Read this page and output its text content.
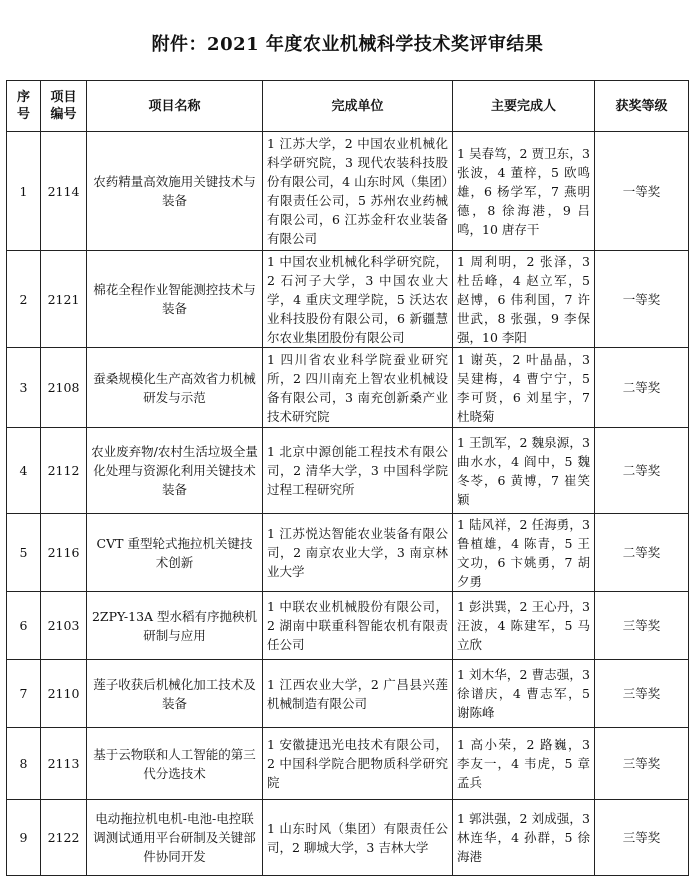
附件：2021 年度农业机械科学技术奖评审结果
序号	项目编号	项目名称	完成单位	主要完成人	获奖等级
1	2114	农药精量高效施用关键技术与装备	1 江苏大学，2 中国农业机械化科学研究院，3 现代农装科技股份有限公司，4 山东时风（集团）有限责任公司，5 苏州农业药械有限公司，6 江苏金秆农业装备有限公司	1 吴春笃，2 贾卫东，3 张波，4 董梓，5 欧鸣雄，6 杨学军，7 燕明德，8 徐海港，9 吕鸣，10 唐存干	一等奖
2	2121	棉花全程作业智能测控技术与装备	1 中国农业机械化科学研究院，2 石河子大学，3 中国农业大学，4 重庆文理学院，5 沃达农业科技股份有限公司，6 新疆慧尔农业集团股份有限公司	1 周利明，2 张泽，3 杜岳峰，4 赵立军，5 赵博，6 伟利国，7 许世武，8 张强，9 李保强，10 李阳	一等奖
3	2108	蚕桑规模化生产高效省力机械研发与示范	1 四川省农业科学院蚕业研究所，2 四川南充上智农业机械设备有限公司，3 南充创新桑产业技术研究院	1 谢英，2 叶晶晶，3 吴建梅，4 曹宁宁，5 李可贤，6 刘星宇，7 杜晓菊	二等奖
4	2112	农业废弃物/农村生活垃圾全量化处理与资源化利用关键技术装备	1 北京中源创能工程技术有限公司，2 清华大学，3 中国科学院过程工程研究所	1 王凯军，2 魏泉源，3 曲水水，4 阎中，5 魏冬苓，6 黄博，7 崔笑颖	二等奖
5	2116	CVT 重型轮式拖拉机关键技术创新	1 江苏悦达智能农业装备有限公司，2 南京农业大学，3 南京林业大学	1 陆风祥，2 任海勇，3 鲁植雄，4 陈青，5 王文功，6 卞姚勇，7 胡夕勇	二等奖
6	2103	2ZPY-13A 型水稻有序抛秧机研制与应用	1 中联农业机械股份有限公司，2 湖南中联重科智能农机有限责任公司	1 彭洪巽，2 王心丹，3 汪波，4 陈建军，5 马立欣	三等奖
7	2110	莲子收获后机械化加工技术及装备	1 江西农业大学，2 广昌县兴莲机械制造有限公司	1 刘木华，2 曹志强，3 徐谱庆，4 曹志军，5 谢陈峰	三等奖
8	2113	基于云物联和人工智能的第三代分选技术	1 安徽捷迅光电技术有限公司，2 中国科学院合肥物质科学研究院	1 高小荣，2 路巍，3 李友一，4 韦虎，5 章孟兵	三等奖
9	2122	电动拖拉机电机-电池-电控联调测试通用平台研制及关键部件协同开发	1 山东时风（集团）有限责任公司，2 聊城大学，3 吉林大学	1 郭洪强，2 刘成强，3 林连华，4 孙群，5 徐海港	三等奖
